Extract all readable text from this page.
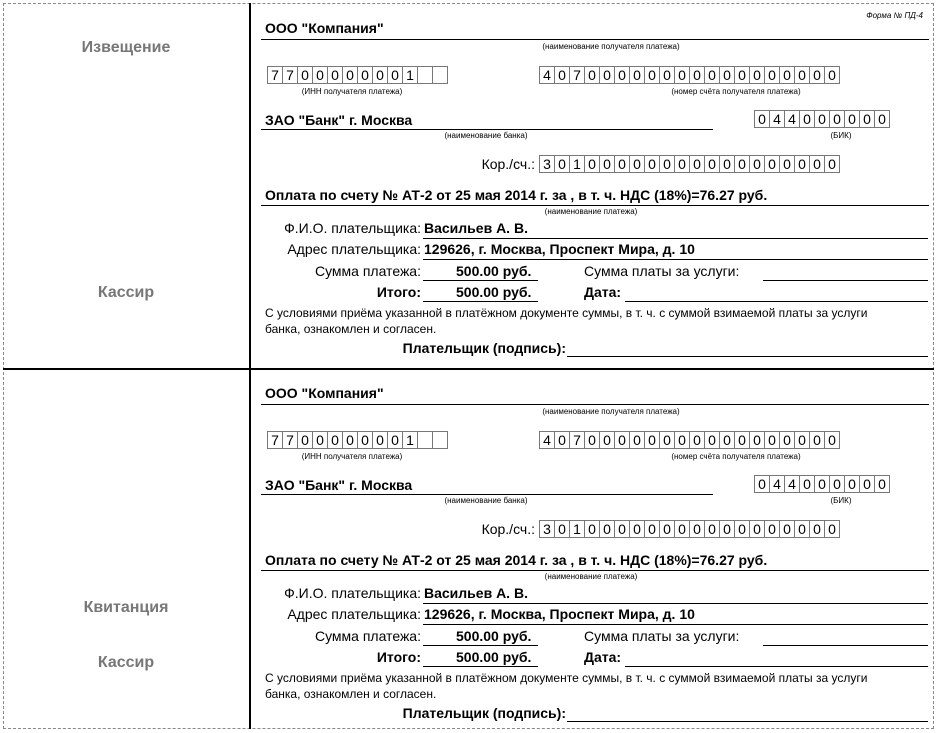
Извещение
Кассир
Форма № ПД-4
ООО "Компания"
(наименование получателя платежа)
7 7 0 0 0 0 0 0 0 1
(ИНН получателя платежа)
4 0 7 0 0 0 0 0 0 0 0 0 0 0 0 0 0 0 0 0
(номер счёта получателя платежа)
ЗАО "Банк" г. Москва
(наименование банка)
0 4 4 0 0 0 0 0 0
(БИК)
Кор./сч.: 3 0 1 0 0 0 0 0 0 0 0 0 0 0 0 0 0 0 0 0
Оплата по счету № АТ-2 от 25 мая 2014 г. за , в т. ч. НДС (18%)=76.27 руб.
(наименование платежа)
Ф.И.О. плательщика: Васильев А. В.
Адрес плательщика: 129626, г. Москва, Проспект Мира, д. 10
Сумма платежа:	500.00 руб.	Сумма платы за услуги:
Итого:	500.00 руб.	Дата:
С условиями приёма указанной в платёжном документе суммы, в т. ч. с суммой взимаемой платы за услуги банка, ознакомлен и согласен.
Плательщик (подпись):
Квитанция
Кассир
ООО "Компания"
(наименование получателя платежа)
7 7 0 0 0 0 0 0 0 1
(ИНН получателя платежа)
4 0 7 0 0 0 0 0 0 0 0 0 0 0 0 0 0 0 0 0
(номер счёта получателя платежа)
ЗАО "Банк" г. Москва
(наименование банка)
0 4 4 0 0 0 0 0 0
(БИК)
Кор./сч.: 3 0 1 0 0 0 0 0 0 0 0 0 0 0 0 0 0 0 0 0
Оплата по счету № АТ-2 от 25 мая 2014 г. за , в т. ч. НДС (18%)=76.27 руб.
(наименование платежа)
Ф.И.О. плательщика: Васильев А. В.
Адрес плательщика: 129626, г. Москва, Проспект Мира, д. 10
Сумма платежа:	500.00 руб.	Сумма платы за услуги:
Итого:	500.00 руб.	Дата:
С условиями приёма указанной в платёжном документе суммы, в т. ч. с суммой взимаемой платы за услуги банка, ознакомлен и согласен.
Плательщик (подпись):
